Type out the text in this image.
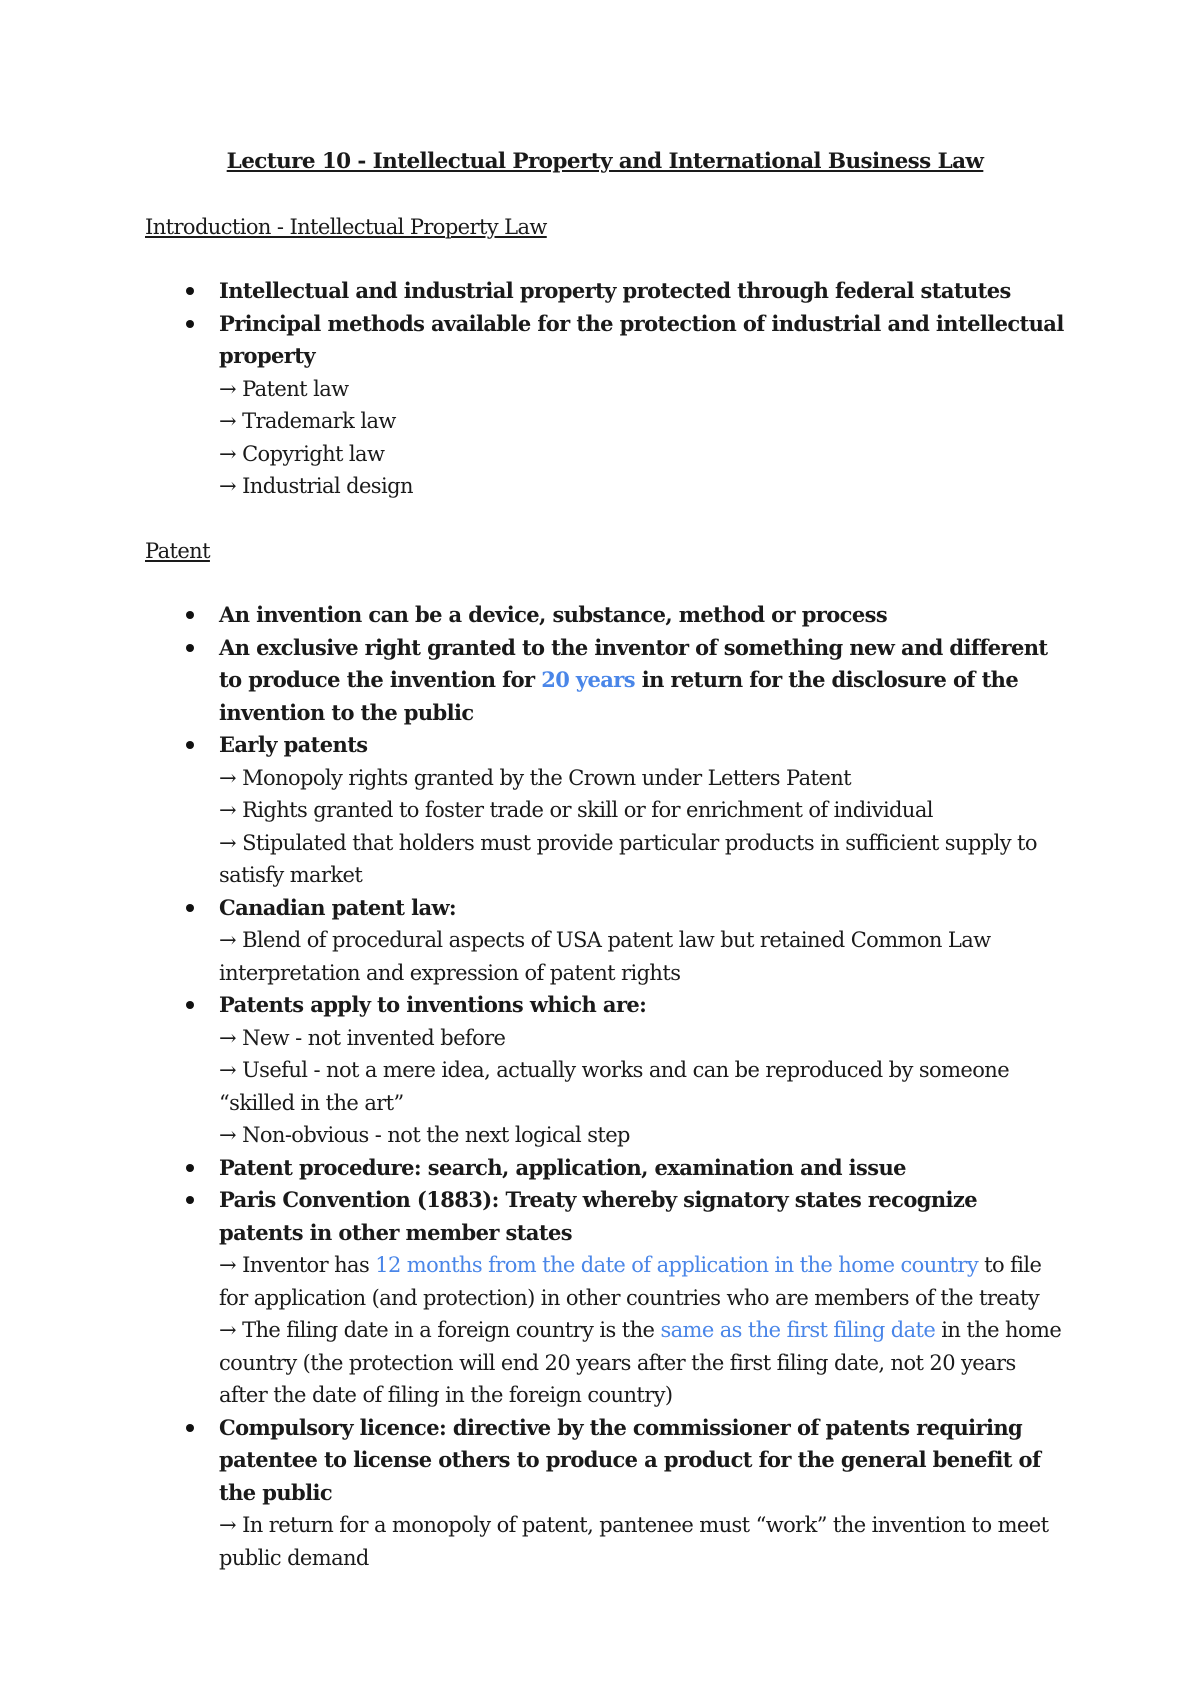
Lecture 10 - Intellectual Property and International Business Law
Introduction - Intellectual Property Law
Intellectual and industrial property protected through federal statutes
Principal methods available for the protection of industrial and intellectual property
→ Patent law
→ Trademark law
→ Copyright law
→ Industrial design
Patent
An invention can be a device, substance, method or process
An exclusive right granted to the inventor of something new and different to produce the invention for 20 years in return for the disclosure of the invention to the public
Early patents
→ Monopoly rights granted by the Crown under Letters Patent
→ Rights granted to foster trade or skill or for enrichment of individual
→ Stipulated that holders must provide particular products in sufficient supply to satisfy market
Canadian patent law:
→ Blend of procedural aspects of USA patent law but retained Common Law interpretation and expression of patent rights
Patents apply to inventions which are:
→ New - not invented before
→ Useful - not a mere idea, actually works and can be reproduced by someone “skilled in the art”
→ Non-obvious - not the next logical step
Patent procedure: search, application, examination and issue
Paris Convention (1883): Treaty whereby signatory states recognize patents in other member states
→ Inventor has 12 months from the date of application in the home country to file for application (and protection) in other countries who are members of the treaty
→ The filing date in a foreign country is the same as the first filing date in the home country (the protection will end 20 years after the first filing date, not 20 years after the date of filing in the foreign country)
Compulsory licence: directive by the commissioner of patents requiring patentee to license others to produce a product for the general benefit of the public
→ In return for a monopoly of patent, pantenee must “work” the invention to meet public demand
